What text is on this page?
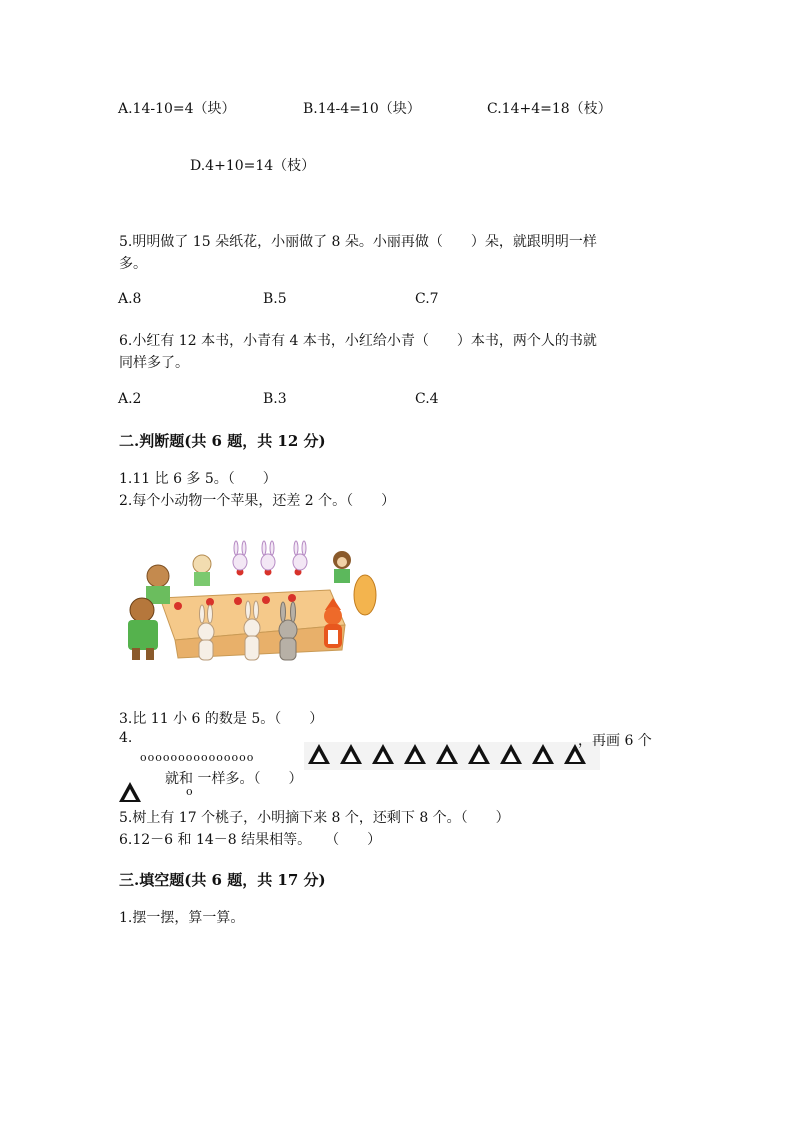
A.14-10=4（块）	B.14-4=10（块）	C.14+4=18（枝）
D.4+10=14（枝）
5.明明做了 15 朵纸花，小丽做了 8 朵。小丽再做（　　）朵，就跟明明一样
多。
A.8	B.5	C.7
6.小红有 12 本书，小青有 4 本书，小红给小青（　　）本书，两个人的书就
同样多了。
A.2	B.3	C.4
二.判断题(共 6 题，共 12 分)
1.11 比 6 多 5。（　　）
2.每个小动物一个苹果，还差 2 个。（　　）
3.比 11 小 6 的数是 5。（　　）
4.
ooooooooooooooo
，再画 6 个
就和 一样多。（　　）
o
5.树上有 17 个桃子，小明摘下来 8 个，还剩下 8 个。（　　）
6.12－6 和 14－8 结果相等。　　（　　）
三.填空题(共 6 题，共 17 分)
1.摆一摆，算一算。
